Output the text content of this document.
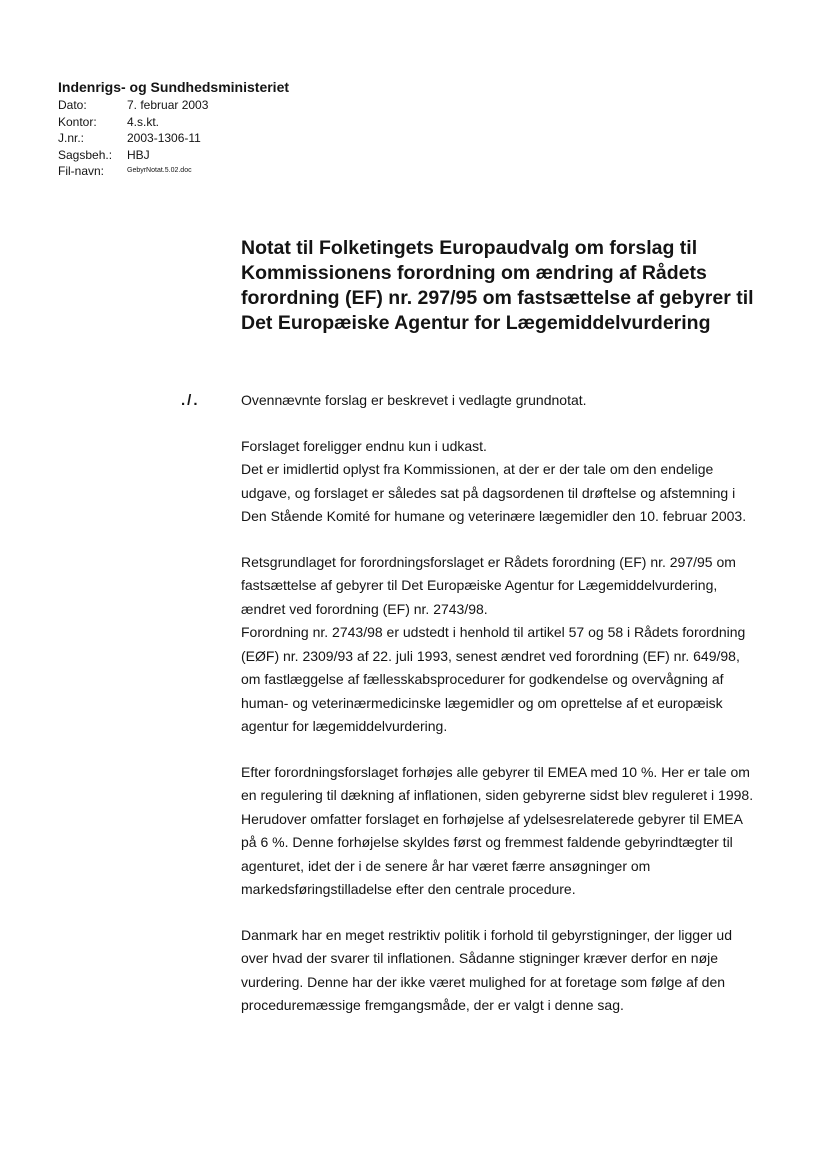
Indenrigs- og Sundhedsministeriet
Dato:	7. februar 2003
Kontor:	4.s.kt.
J.nr.:	2003-1306-11
Sagsbeh.:	HBJ
Fil-navn:	GebyrNotat.5.02.doc
Notat til Folketingets Europaudvalg om forslag til Kommissionens forordning om ændring af Rådets forordning (EF) nr. 297/95 om fastsættelse af gebyrer til Det Europæiske Agentur for Lægemiddelvurdering
./.	Ovennævnte forslag er beskrevet i vedlagte grundnotat.

Forslaget foreligger endnu kun i udkast.
Det er imidlertid oplyst fra Kommissionen, at der er der tale om den endelige udgave, og forslaget er således sat på dagsordenen til drøftelse og afstemning i Den Stående Komité for humane og veterinære lægemidler den 10. februar 2003.

Retsgrundlaget for forordningsforslaget er Rådets forordning (EF) nr. 297/95 om fastsættelse af gebyrer til Det Europæiske Agentur for Lægemiddelvurdering, ændret ved forordning (EF) nr. 2743/98.
Forordning nr. 2743/98 er udstedt i henhold til artikel 57 og 58 i Rådets forordning (EØF) nr. 2309/93 af 22. juli 1993, senest ændret ved forordning (EF) nr. 649/98, om fastlæggelse af fællesskabsprocedurer for godkendelse og overvågning af human- og veterinærmedicinske lægemidler og om oprettelse af et europæisk agentur for lægemiddelvurdering.

Efter forordningsforslaget forhøjes alle gebyrer til EMEA med 10 %. Her er tale om en regulering til dækning af inflationen, siden gebyrerne sidst blev reguleret i 1998. Herudover omfatter forslaget en forhøjelse af ydelsesrelaterede gebyrer til EMEA på 6 %. Denne forhøjelse skyldes først og fremmest faldende gebyrindtægter til agenturet, idet der i de senere år har været færre ansøgninger om markedsføringstilladelse efter den centrale procedure.

Danmark har en meget restriktiv politik i forhold til gebyrstigninger, der ligger ud over hvad der svarer til inflationen. Sådanne stigninger kræver derfor en nøje vurdering. Denne har der ikke været mulighed for at foretage som følge af den proceduremæssige fremgangsmåde, der er valgt i denne sag.
